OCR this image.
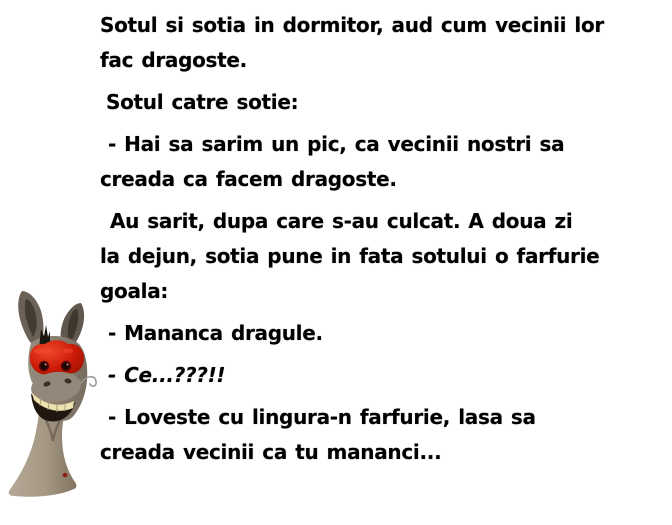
Sotul si sotia in dormitor, aud cum vecinii lor
fac dragoste.
Sotul catre sotie:
- Hai sa sarim un pic, ca vecinii nostri sa
creada ca facem dragoste.
Au sarit, dupa care s-au culcat. A doua zi
la dejun, sotia pune in fata sotului o farfurie
goala:
- Mananca dragule.
- Ce...???!!
- Loveste cu lingura-n farfurie, lasa sa
creada vecinii ca tu mananci...
